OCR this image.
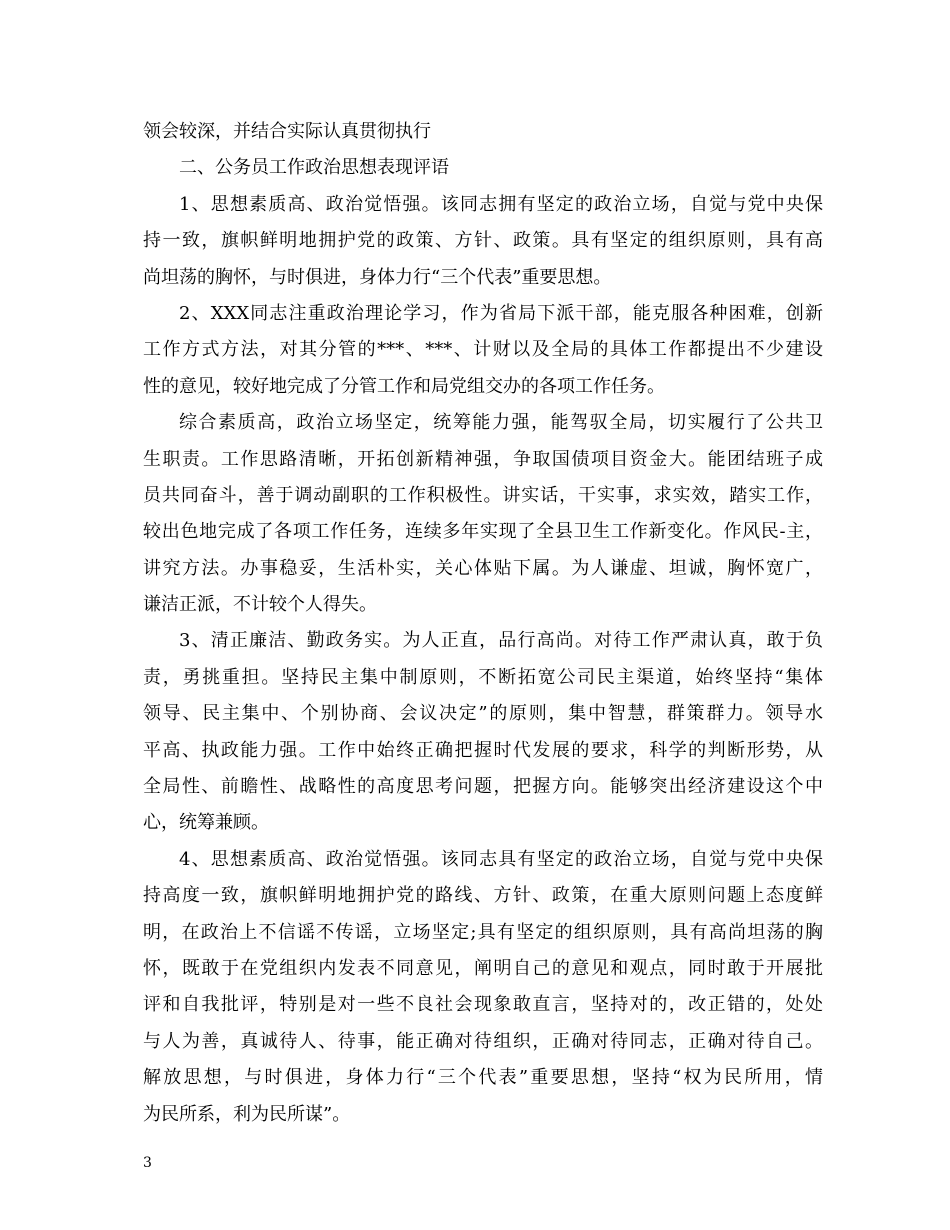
领会较深，并结合实际认真贯彻执行
二、公务员工作政治思想表现评语
1、思想素质高、政治觉悟强。该同志拥有坚定的政治立场，自觉与党中央保
持一致，旗帜鲜明地拥护党的政策、方针、政策。具有坚定的组织原则，具有高
尚坦荡的胸怀，与时俱进，身体力行“三个代表”重要思想。
2、XXX同志注重政治理论学习，作为省局下派干部，能克服各种困难，创新
工作方式方法，对其分管的***、***、计财以及全局的具体工作都提出不少建设
性的意见，较好地完成了分管工作和局党组交办的各项工作任务。
综合素质高，政治立场坚定，统筹能力强，能驾驭全局，切实履行了公共卫
生职责。工作思路清晰，开拓创新精神强，争取国债项目资金大。能团结班子成
员共同奋斗，善于调动副职的工作积极性。讲实话，干实事，求实效，踏实工作，
较出色地完成了各项工作任务，连续多年实现了全县卫生工作新变化。作风民-主，
讲究方法。办事稳妥，生活朴实，关心体贴下属。为人谦虚、坦诚，胸怀宽广，
谦洁正派，不计较个人得失。
3、清正廉洁、勤政务实。为人正直，品行高尚。对待工作严肃认真，敢于负
责，勇挑重担。坚持民主集中制原则，不断拓宽公司民主渠道，始终坚持“集体
领导、民主集中、个别协商、会议决定”的原则，集中智慧，群策群力。领导水
平高、执政能力强。工作中始终正确把握时代发展的要求，科学的判断形势，从
全局性、前瞻性、战略性的高度思考问题，把握方向。能够突出经济建设这个中
心，统筹兼顾。
4、思想素质高、政治觉悟强。该同志具有坚定的政治立场，自觉与党中央保
持高度一致，旗帜鲜明地拥护党的路线、方针、政策，在重大原则问题上态度鲜
明，在政治上不信谣不传谣，立场坚定;具有坚定的组织原则，具有高尚坦荡的胸
怀，既敢于在党组织内发表不同意见，阐明自己的意见和观点，同时敢于开展批
评和自我批评，特别是对一些不良社会现象敢直言，坚持对的，改正错的，处处
与人为善，真诚待人、待事，能正确对待组织，正确对待同志，正确对待自己。
解放思想，与时俱进，身体力行“三个代表”重要思想，坚持“权为民所用，情
为民所系，利为民所谋”。
3
